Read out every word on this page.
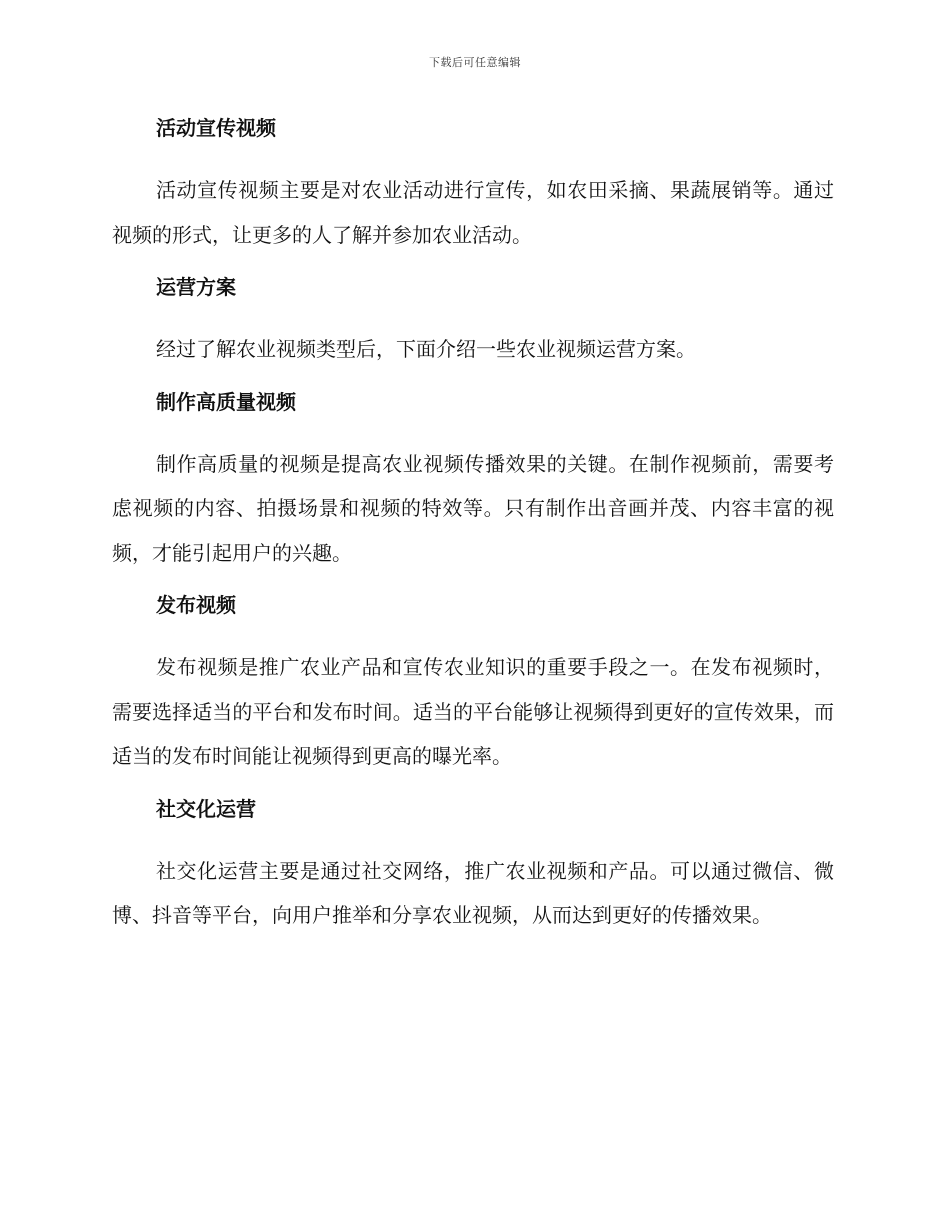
下载后可任意编辑
活动宣传视频

活动宣传视频主要是对农业活动进行宣传，如农田采摘、果蔬展销等。通过视频的形式，让更多的人了解并参加农业活动。

运营方案

经过了解农业视频类型后，下面介绍一些农业视频运营方案。

制作高质量视频

制作高质量的视频是提高农业视频传播效果的关键。在制作视频前，需要考虑视频的内容、拍摄场景和视频的特效等。只有制作出音画并茂、内容丰富的视频，才能引起用户的兴趣。

发布视频

发布视频是推广农业产品和宣传农业知识的重要手段之一。在发布视频时，需要选择适当的平台和发布时间。适当的平台能够让视频得到更好的宣传效果，而适当的发布时间能让视频得到更高的曝光率。

社交化运营

社交化运营主要是通过社交网络，推广农业视频和产品。可以通过微信、微博、抖音等平台，向用户推举和分享农业视频，从而达到更好的传播效果。
